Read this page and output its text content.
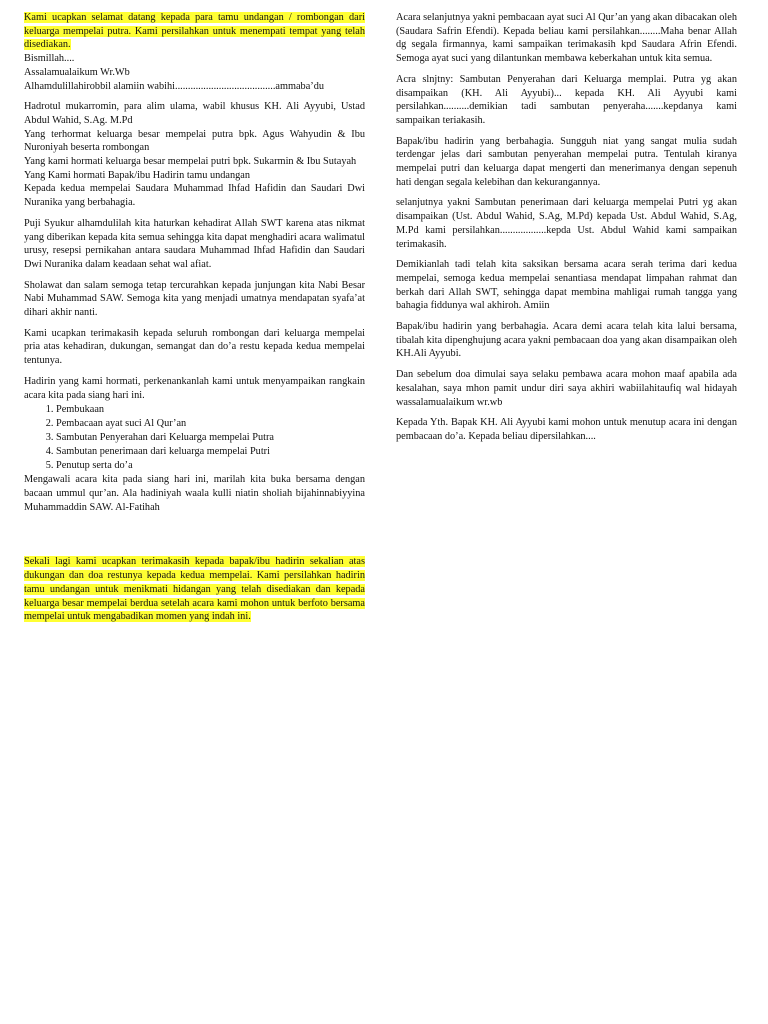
Kami ucapkan selamat datang kepada para tamu undangan / rombongan dari keluarga mempelai putra. Kami persilahkan untuk menempati tempat yang telah disediakan.

Bismillah....

Assalamualaikum Wr.Wb

Alhamdulillahirobbil alamiin wabihi.......................................ammaba’du

Hadrotul mukarromin, para alim ulama, wabil khusus KH. Ali Ayyubi, Ustad Abdul Wahid, S.Ag. M.Pd

Yang terhormat keluarga besar mempelai putra bpk. Agus Wahyudin & Ibu Nuroniyah beserta rombongan

Yang kami hormati keluarga besar mempelai putri bpk. Sukarmin & Ibu Sutayah

Yang Kami hormati Bapak/ibu Hadirin tamu undangan

Kepada kedua mempelai Saudara Muhammad Ihfad Hafidin dan Saudari Dwi Nuranika yang berbahagia.

Puji Syukur alhamdulilah kita haturkan kehadirat Allah SWT karena atas nikmat yang diberikan kepada kita semua sehingga kita dapat menghadiri acara walimatul urusy, resepsi pernikahan antara saudara Muhammad Ihfad Hafidin dan Saudari Dwi Nuranika dalam keadaan sehat wal afiat.

Sholawat dan salam semoga tetap tercurahkan kepada junjungan kita Nabi Besar Nabi Muhammad SAW. Semoga kita yang menjadi umatnya mendapatan syafa’at dihari akhir nanti.

Kami ucapkan terimakasih kepada seluruh rombongan dari keluarga mempelai pria atas kehadiran, dukungan, semangat dan do’a restu kepada kedua mempelai tentunya.

Hadirin yang kami hormati, perkenankanlah kami untuk menyampaikan rangkain acara kita pada siang hari ini.

1. Pembukaan
2. Pembacaan ayat suci Al Qur’an
3. Sambutan Penyerahan dari Keluarga mempelai Putra
4. Sambutan penerimaan dari keluarga mempelai Putri
5. Penutup serta do’a

Mengawali acara kita pada siang hari ini, marilah kita buka bersama dengan bacaan ummul qur’an. Ala hadiniyah waala kulli niatin sholiah bijahinnabiyyina Muhammaddin SAW. Al-Fatihah

Sekali lagi kami ucapkan terimakasih kepada bapak/ibu hadirin sekalian atas dukungan dan doa restunya kepada kedua mempelai. Kami persilahkan hadirin tamu undangan untuk menikmati hidangan yang telah disediakan dan kepada keluarga besar mempelai berdua setelah acara kami mohon untuk berfoto bersama mempelai untuk mengabadikan momen yang indah ini.

Acara selanjutnya yakni pembacaan ayat suci Al Qur’an yang akan dibacakan oleh (Saudara Safrin Efendi). Kepada beliau kami persilahkan........Maha benar Allah dg segala firmannya, kami sampaikan terimakasih kpd Saudara Afrin Efendi. Semoga ayat suci yang dilantunkan membawa keberkahan untuk kita semua.

Acra slnjtny: Sambutan Penyerahan dari Keluarga memplai. Putra yg akan disampaikan (KH. Ali Ayyubi)... kepada KH. Ali Ayyubi kami persilahkan..........demikian tadi sambutan penyeraha.......kepdanya kami sampaikan teriakasih.

Bapak/ibu hadirin yang berbahagia. Sungguh niat yang sangat mulia sudah terdengar jelas dari sambutan penyerahan mempelai putra. Tentulah kiranya mempelai putri dan keluarga dapat mengerti dan menerimanya dengan sepenuh hati dengan segala kelebihan dan kekurangannya.

selanjutnya yakni Sambutan penerimaan dari keluarga mempelai Putri yg akan disampaikan (Ust. Abdul Wahid, S.Ag, M.Pd) kepada Ust. Abdul Wahid, S.Ag, M.Pd kami persilahkan..................kepda Ust. Abdul Wahid kami sampaikan terimakasih.

Demikianlah tadi telah kita saksikan bersama acara serah terima dari kedua mempelai, semoga kedua mempelai senantiasa mendapat limpahan rahmat dan berkah dari Allah SWT, sehingga dapat membina mahligai rumah tangga yang bahagia fiddunya wal akhiroh. Amiin

Bapak/ibu hadirin yang berbahagia. Acara demi acara telah kita lalui bersama, tibalah kita dipenghujung acara yakni pembacaan doa yang akan disampaikan oleh KH.Ali Ayyubi.

Dan sebelum doa dimulai saya selaku pembawa acara mohon maaf apabila ada kesalahan, saya mhon pamit undur diri saya akhiri wabiilahitaufiq wal hidayah wassalamualaikum wr.wb

Kepada Yth. Bapak KH. Ali Ayyubi kami mohon untuk menutup acara ini dengan pembacaan do’a. Kepada beliau dipersilahkan....
